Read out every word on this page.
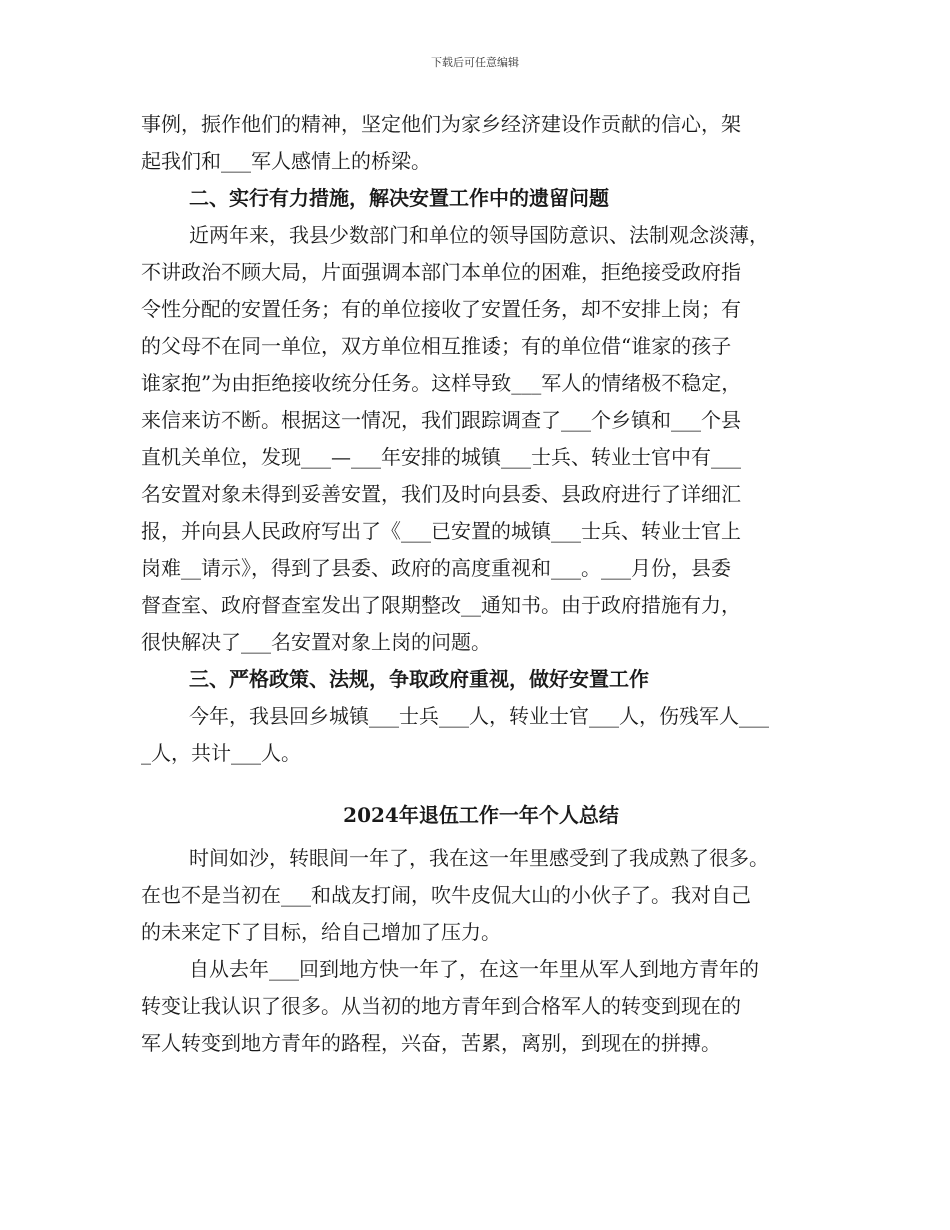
下载后可任意编辑
事例，振作他们的精神，坚定他们为家乡经济建设作贡献的信心，架
起我们和___军人感情上的桥梁。
二、实行有力措施，解决安置工作中的遗留问题
近两年来，我县少数部门和单位的领导国防意识、法制观念淡薄，
不讲政治不顾大局，片面强调本部门本单位的困难，拒绝接受政府指
令性分配的安置任务；有的单位接收了安置任务，却不安排上岗；有
的父母不在同一单位，双方单位相互推诿；有的单位借“谁家的孩子
谁家抱”为由拒绝接收统分任务。这样导致___军人的情绪极不稳定，
来信来访不断。根据这一情况，我们跟踪调查了___个乡镇和___个县
直机关单位，发现___—___年安排的城镇___士兵、转业士官中有___
名安置对象未得到妥善安置，我们及时向县委、县政府进行了详细汇
报，并向县人民政府写出了《___已安置的城镇___士兵、转业士官上
岗难__请示》，得到了县委、政府的高度重视和___。___月份，县委
督查室、政府督查室发出了限期整改__通知书。由于政府措施有力，
很快解决了___名安置对象上岗的问题。
三、严格政策、法规，争取政府重视，做好安置工作
今年，我县回乡城镇___士兵___人，转业士官___人，伤残军人___
_人，共计___人。
2024年退伍工作一年个人总结
时间如沙，转眼间一年了，我在这一年里感受到了我成熟了很多。
在也不是当初在___和战友打闹，吹牛皮侃大山的小伙子了。我对自己
的未来定下了目标，给自己增加了压力。
自从去年___回到地方快一年了，在这一年里从军人到地方青年的
转变让我认识了很多。从当初的地方青年到合格军人的转变到现在的
军人转变到地方青年的路程，兴奋，苦累，离别，到现在的拼搏。
